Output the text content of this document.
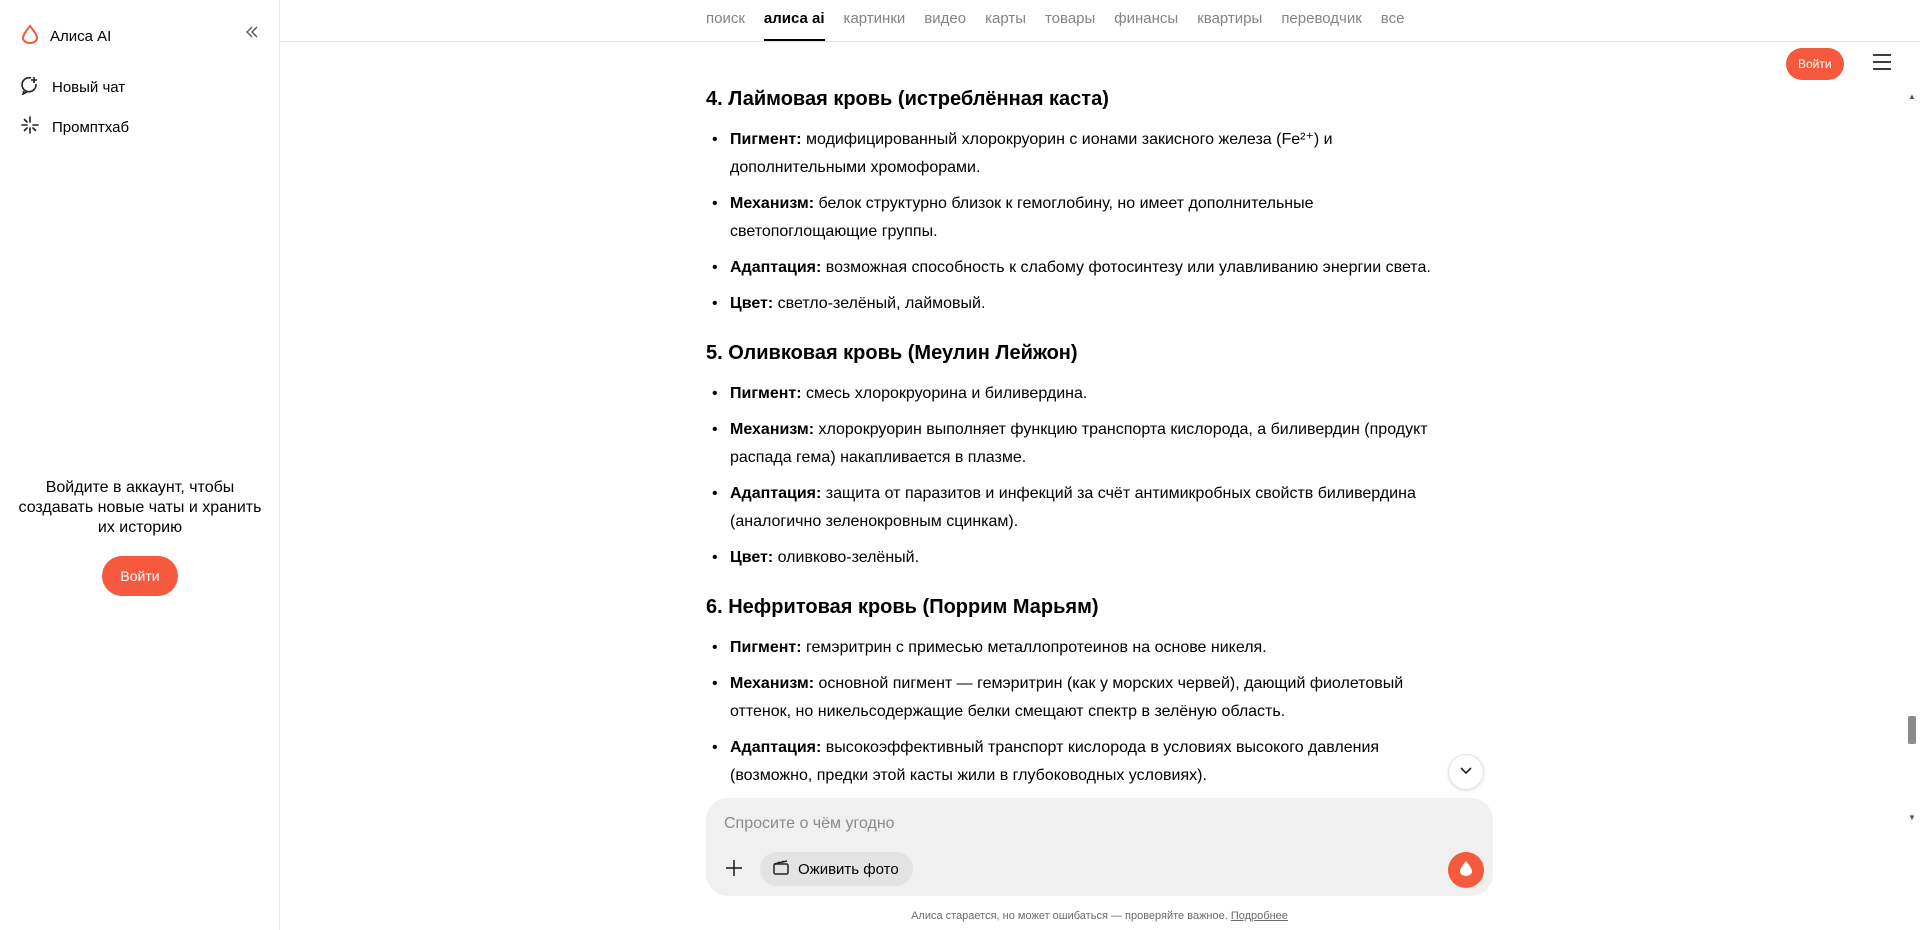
Алиса AI
Новый чат
Промптхаб
Войдите в аккаунт, чтобы создавать новые чаты и хранить их историю
Войти
поиск алиса ai картинки видео карты товары финансы квартиры переводчик все
Войти
4. Лаймовая кровь (истреблённая каста)
• Пигмент: модифицированный хлорокруорин с ионами закисного железа (Fe²⁺) и дополнительными хромофорами.
• Механизм: белок структурно близок к гемоглобину, но имеет дополнительные светопоглощающие группы.
• Адаптация: возможная способность к слабому фотосинтезу или улавливанию энергии света.
• Цвет: светло-зелёный, лаймовый.
5. Оливковая кровь (Меулин Лейжон)
• Пигмент: смесь хлорокруорина и биливердина.
• Механизм: хлорокруорин выполняет функцию транспорта кислорода, а биливердин (продукт распада гема) накапливается в плазме.
• Адаптация: защита от паразитов и инфекций за счёт антимикробных свойств биливердина (аналогично зеленокровным сцинкам).
• Цвет: оливково-зелёный.
6. Нефритовая кровь (Поррим Марьям)
• Пигмент: гемэритрин с примесью металлопротеинов на основе никеля.
• Механизм: основной пигмент — гемэритрин (как у морских червей), дающий фиолетовый оттенок, но никельсодержащие белки смещают спектр в зелёную область.
• Адаптация: высокоэффективный транспорт кислорода в условиях высокого давления (возможно, предки этой касты жили в глубоководных условиях).
▲
▼
Спросите о чём угодно
Оживить фото
Алиса старается, но может ошибаться — проверяйте важное. Подробнее
